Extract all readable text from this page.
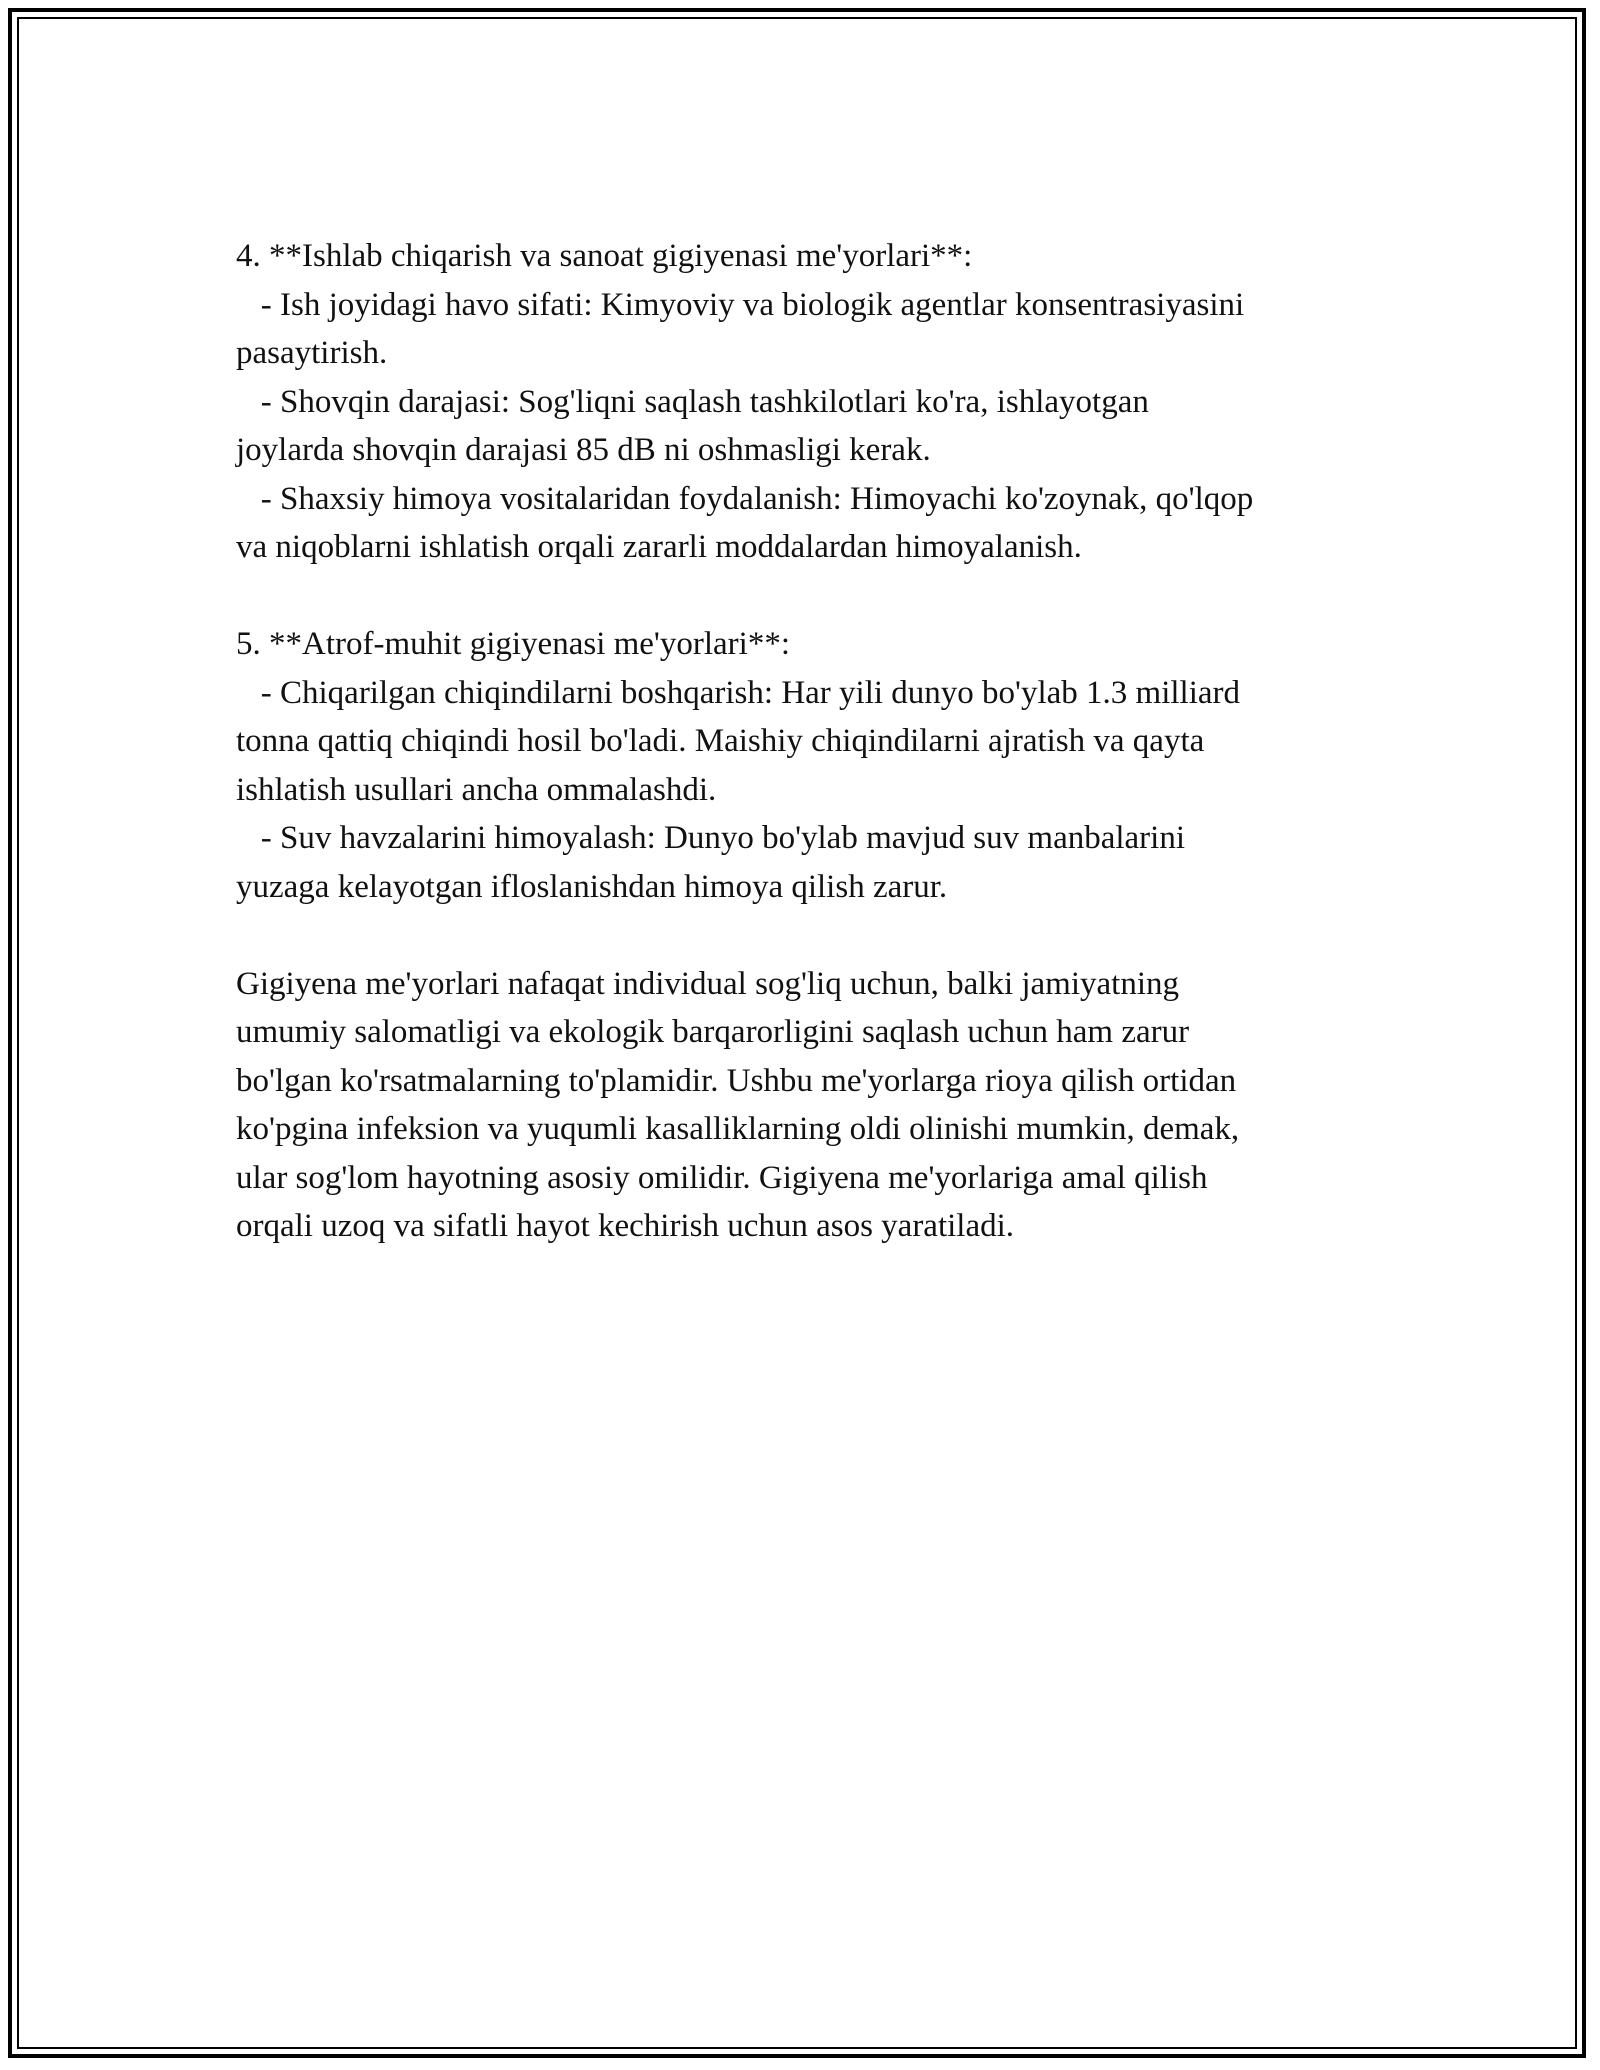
4. **Ishlab chiqarish va sanoat gigiyenasi me'yorlari**:
- Ish joyidagi havo sifati: Kimyoviy va biologik agentlar konsentrasiyasini
pasaytirish.
- Shovqin darajasi: Sog'liqni saqlash tashkilotlari ko'ra, ishlayotgan
joylarda shovqin darajasi 85 dB ni oshmasligi kerak.
- Shaxsiy himoya vositalaridan foydalanish: Himoyachi ko'zoynak, qo'lqop
va niqoblarni ishlatish orqali zararli moddalardan himoyalanish.
5. **Atrof-muhit gigiyenasi me'yorlari**:
- Chiqarilgan chiqindilarni boshqarish: Har yili dunyo bo'ylab 1.3 milliard
tonna qattiq chiqindi hosil bo'ladi. Maishiy chiqindilarni ajratish va qayta
ishlatish usullari ancha ommalashdi.
- Suv havzalarini himoyalash: Dunyo bo'ylab mavjud suv manbalarini
yuzaga kelayotgan ifloslanishdan himoya qilish zarur.
Gigiyena me'yorlari nafaqat individual sog'liq uchun, balki jamiyatning
umumiy salomatligi va ekologik barqarorligini saqlash uchun ham zarur
bo'lgan ko'rsatmalarning to'plamidir. Ushbu me'yorlarga rioya qilish ortidan
ko'pgina infeksion va yuqumli kasalliklarning oldi olinishi mumkin, demak,
ular sog'lom hayotning asosiy omilidir. Gigiyena me'yorlariga amal qilish
orqali uzoq va sifatli hayot kechirish uchun asos yaratiladi.
